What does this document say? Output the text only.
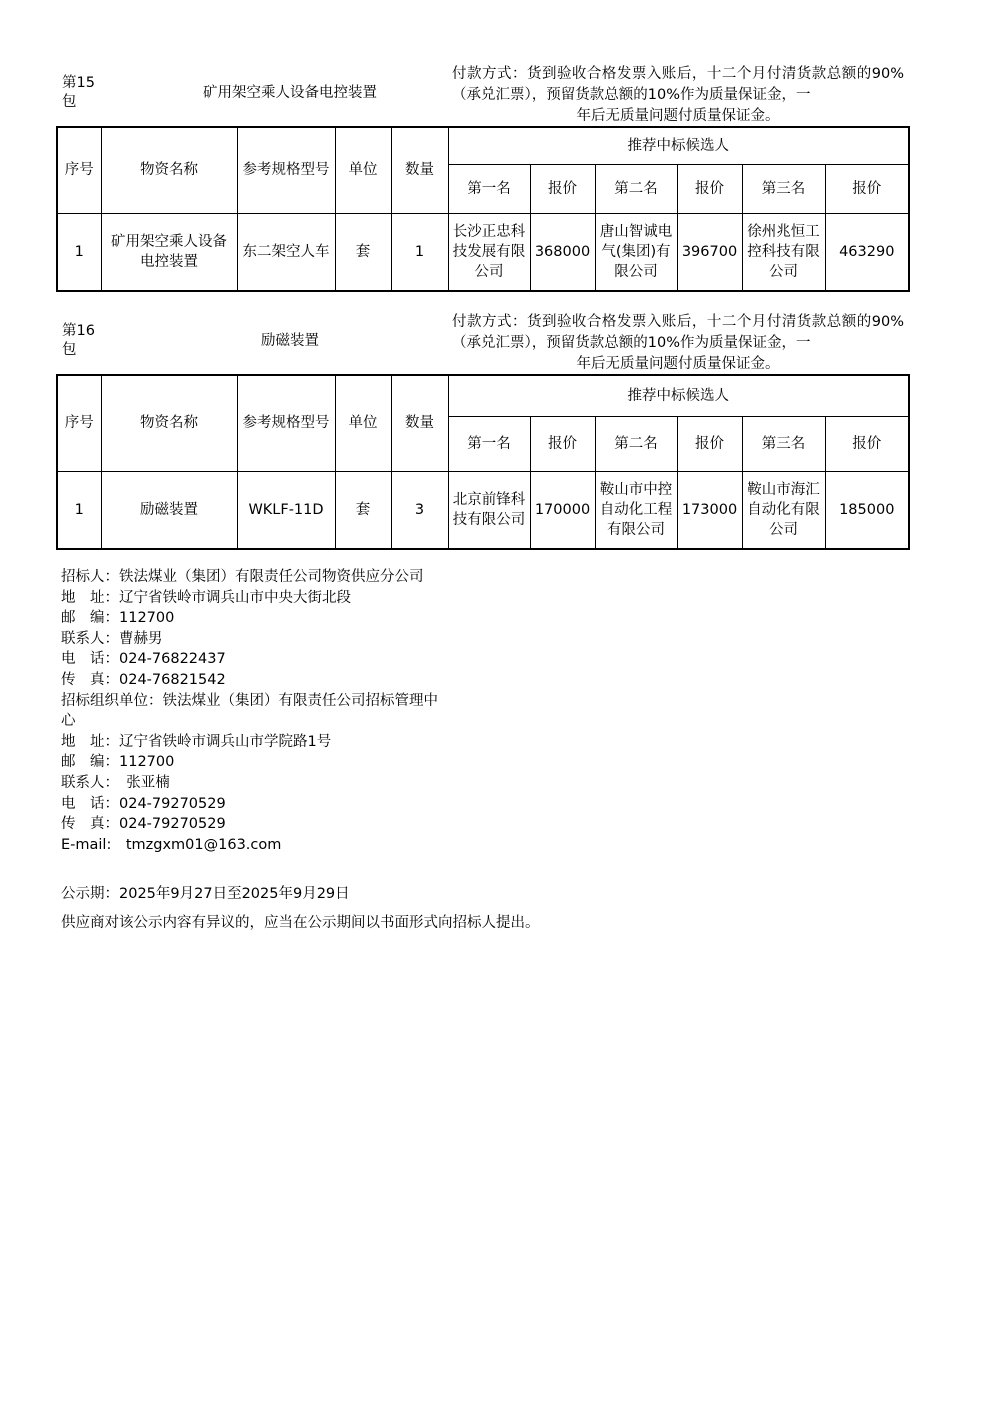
第15包
矿用架空乘人设备电控装置
付款方式：货到验收合格发票入账后，十二个月付清货款总额的90%（承兑汇票），预留货款总额的10%作为质量保证金，一
年后无质量问题付质量保证金。
序号	物资名称	参考规格型号	单位	数量	推荐中标候选人					
					第一名	报价	第二名	报价	第三名	报价
1	矿用架空乘人设备电控装置	东二架空人车	套	1	长沙正忠科技发展有限公司	368000	唐山智诚电气(集团)有限公司	396700	徐州兆恒工控科技有限公司	463290
第16包
励磁装置
付款方式：货到验收合格发票入账后，十二个月付清货款总额的90%（承兑汇票），预留货款总额的10%作为质量保证金，一
年后无质量问题付质量保证金。
序号	物资名称	参考规格型号	单位	数量	推荐中标候选人					
					第一名	报价	第二名	报价	第三名	报价
1	励磁装置	WKLF-11D	套	3	北京前锋科技有限公司	170000	鞍山市中控自动化工程有限公司	173000	鞍山市海汇自动化有限公司	185000
招标人：铁法煤业（集团）有限责任公司物资供应分公司
地　址：辽宁省铁岭市调兵山市中央大街北段
邮　编：112700
联系人：曹赫男
电　话：024-76822437
传　真：024-76821542
招标组织单位：铁法煤业（集团）有限责任公司招标管理中心
地　址：辽宁省铁岭市调兵山市学院路1号
邮　编：112700
联系人：　张亚楠
电　话：024-79270529
传　真：024-79270529
E-mail:　tmzgxm01@163.com
公示期：2025年9月27日至2025年9月29日
供应商对该公示内容有异议的，应当在公示期间以书面形式向招标人提出。
